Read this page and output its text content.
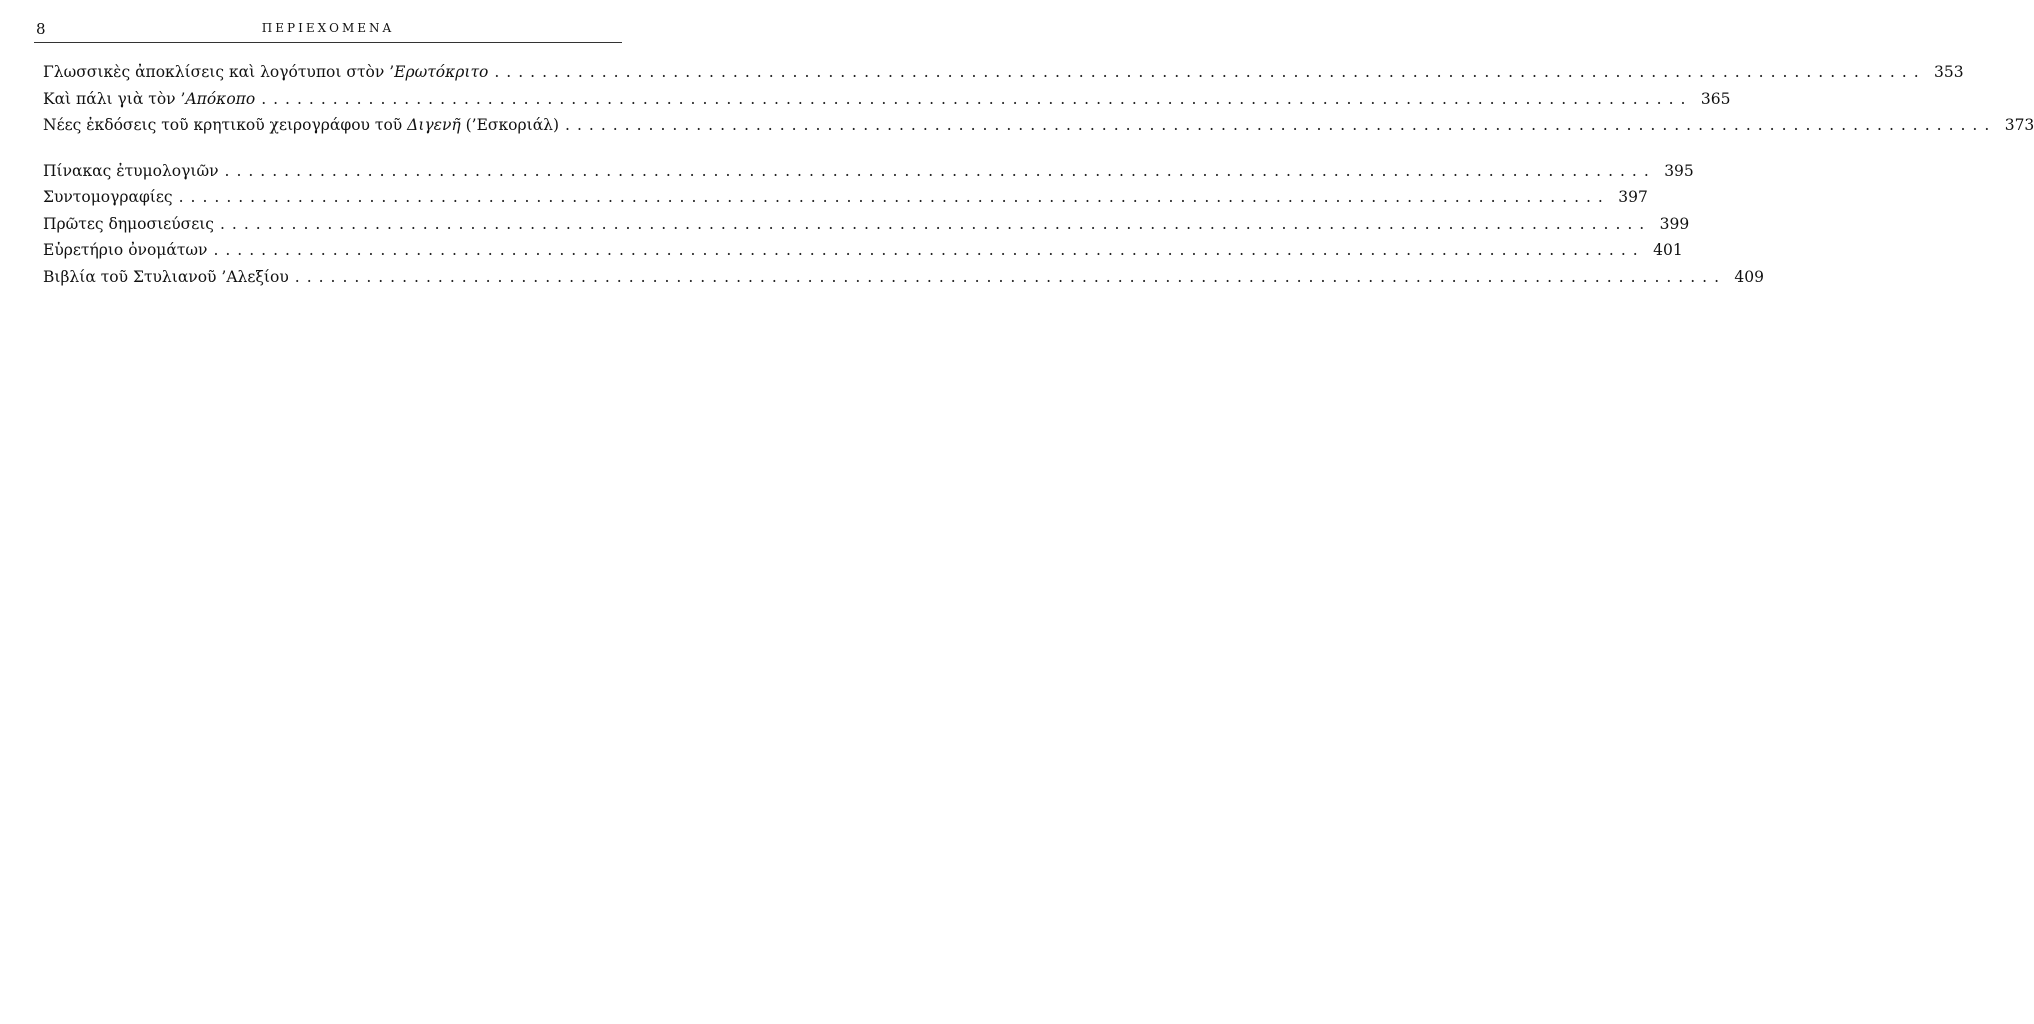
8	ΠΕΡΙΕΧΟΜΕΝΑ
Γλωσσικὲς ἀποκλίσεις καὶ λογότυποι στὸν ’Ερωτόκριτο ........................................................................................................................ 353
Καὶ πάλι γιὰ τὸν ’Απόκοπο ........................................................................................................................ 365
Νέες ἐκδόσεις τοῦ κρητικοῦ χειρογράφου τοῦ Διγενῆ (’Εσκοριάλ) ........................................................................................................................ 373
Πίνακας ἐτυμολογιῶν ........................................................................................................................ 395
Συντομογραφίες ........................................................................................................................ 397
Πρῶτες δημοσιεύσεις ........................................................................................................................ 399
Εὑρετήριο ὀνομάτων ........................................................................................................................ 401
Βιβλία τοῦ Στυλιανοῦ ’Αλεξίου ........................................................................................................................ 409
